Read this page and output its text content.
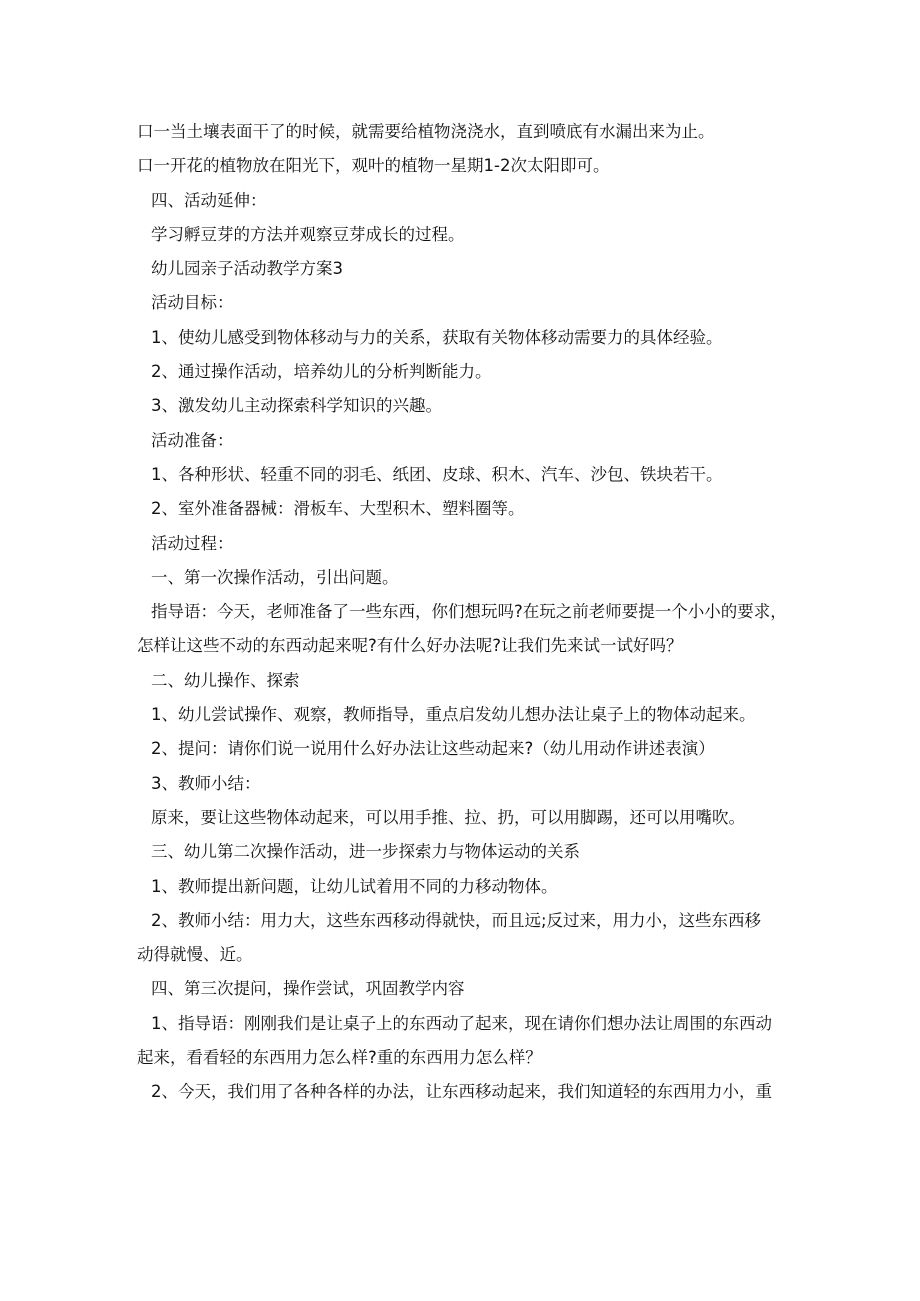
口一当土壤表面干了的时候，就需要给植物浇浇水，直到喷底有水漏出来为止。

口一开花的植物放在阳光下，观叶的植物一星期1-2次太阳即可。

四、活动延伸：

学习孵豆芽的方法并观察豆芽成长的过程。

幼儿园亲子活动教学方案3

活动目标：

1、使幼儿感受到物体移动与力的关系，获取有关物体移动需要力的具体经验。

2、通过操作活动，培养幼儿的分析判断能力。

3、激发幼儿主动探索科学知识的兴趣。

活动准备：

1、各种形状、轻重不同的羽毛、纸团、皮球、积木、汽车、沙包、铁块若干。

2、室外准备器械：滑板车、大型积木、塑料圈等。

活动过程：

一、第一次操作活动，引出问题。

指导语：今天，老师准备了一些东西，你们想玩吗?在玩之前老师要提一个小小的要求，

怎样让这些不动的东西动起来呢?有什么好办法呢?让我们先来试一试好吗？

二、幼儿操作、探索

1、幼儿尝试操作、观察，教师指导，重点启发幼儿想办法让桌子上的物体动起来。

2、提问：请你们说一说用什么好办法让这些动起来?（幼儿用动作讲述表演）

3、教师小结：

原来，要让这些物体动起来，可以用手推、拉、扔，可以用脚踢，还可以用嘴吹。

三、幼儿第二次操作活动，进一步探索力与物体运动的关系

1、教师提出新问题，让幼儿试着用不同的力移动物体。

2、教师小结：用力大，这些东西移动得就快，而且远;反过来，用力小，这些东西移

动得就慢、近。

四、第三次提问，操作尝试，巩固教学内容

1、指导语：刚刚我们是让桌子上的东西动了起来，现在请你们想办法让周围的东西动

起来，看看轻的东西用力怎么样?重的东西用力怎么样？

2、今天，我们用了各种各样的办法，让东西移动起来，我们知道轻的东西用力小，重
